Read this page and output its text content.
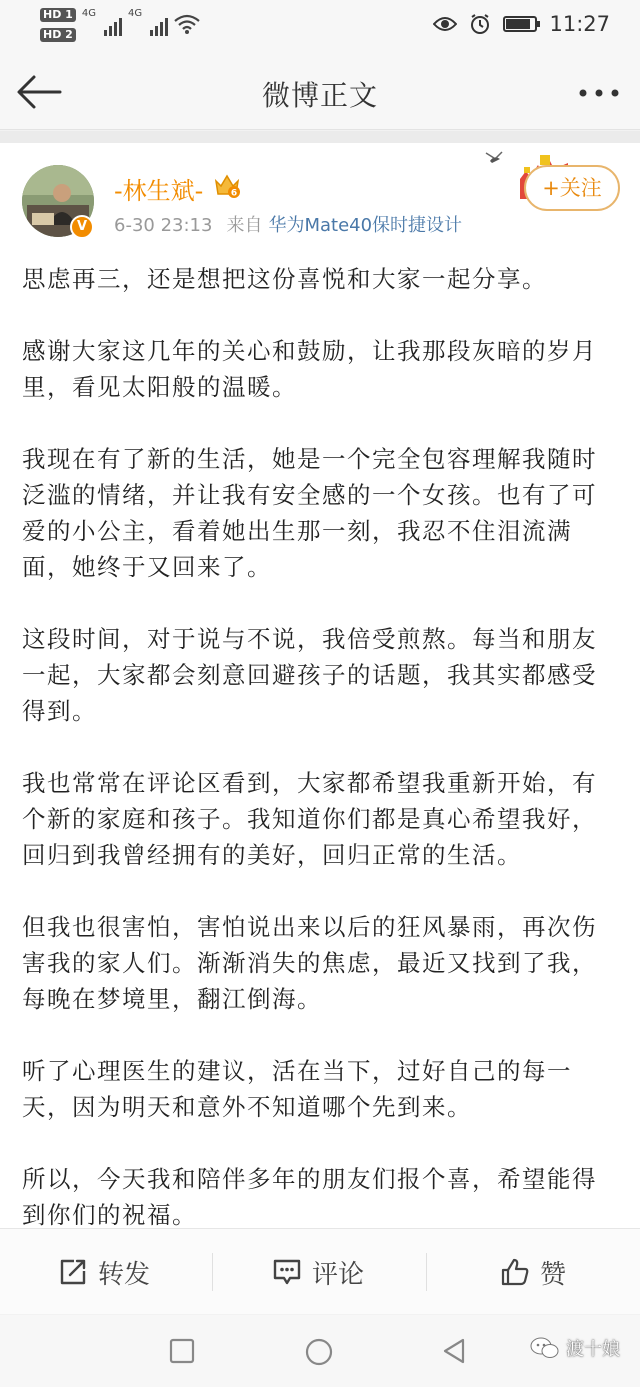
HD 1
HD 2
4G	4G	11:27
微博正文
V
-林生斌-	6
6-30 23:13 来自 华为Mate40保时捷设计
+关注

思虑再三，还是想把这份喜悦和大家一起分享。

感谢大家这几年的关心和鼓励，让我那段灰暗的岁月里，看见太阳般的温暖。

我现在有了新的生活，她是一个完全包容理解我随时泛滥的情绪，并让我有安全感的一个女孩。也有了可爱的小公主，看着她出生那一刻，我忍不住泪流满面，她终于又回来了。

这段时间，对于说与不说，我倍受煎熬。每当和朋友一起，大家都会刻意回避孩子的话题，我其实都感受得到。

我也常常在评论区看到，大家都希望我重新开始，有个新的家庭和孩子。我知道你们都是真心希望我好，回归到我曾经拥有的美好，回归正常的生活。

但我也很害怕，害怕说出来以后的狂风暴雨，再次伤害我的家人们。渐渐消失的焦虑，最近又找到了我，每晚在梦境里，翻江倒海。

听了心理医生的建议，活在当下，过好自己的每一天，因为明天和意外不知道哪个先到来。

所以，今天我和陪伴多年的朋友们报个喜，希望能得到你们的祝福。

转发	评论	赞
渡十娘
